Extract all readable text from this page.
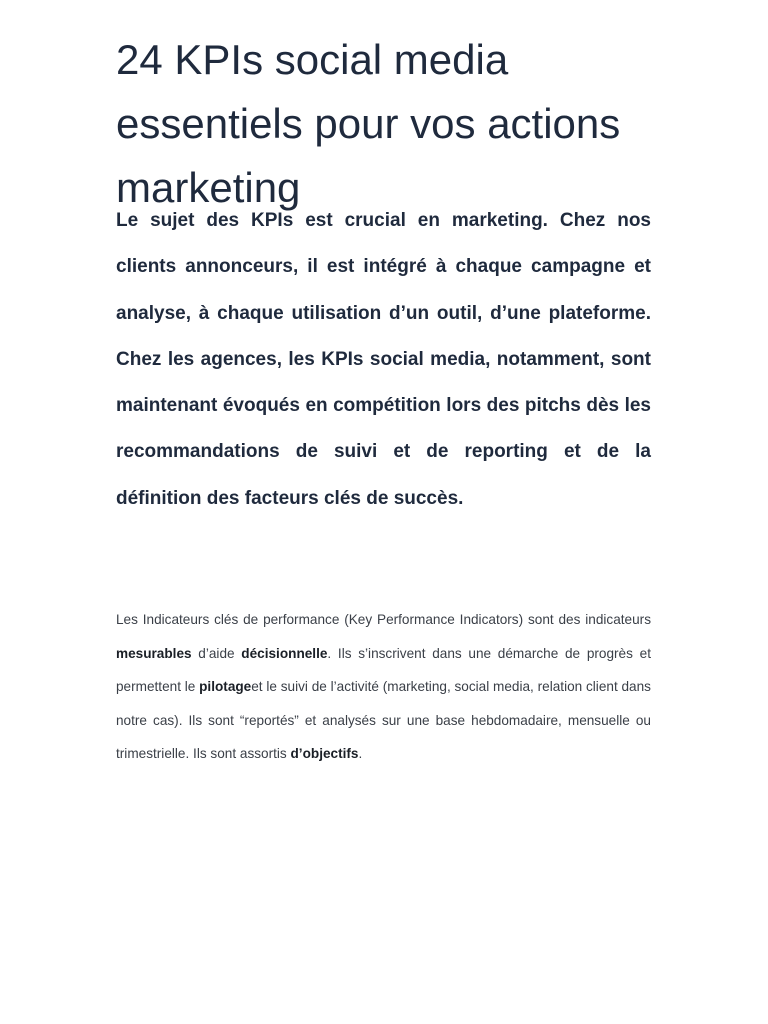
24 KPIs social media essentiels pour vos actions marketing

Le sujet des KPIs est crucial en marketing. Chez nos clients annonceurs, il est intégré à chaque campagne et analyse, à chaque utilisation d’un outil, d’une plateforme. Chez les agences, les KPIs social media, notamment, sont maintenant évoqués en compétition lors des pitchs dès les recommandations de suivi et de reporting et de la définition des facteurs clés de succès.

Les Indicateurs clés de performance (Key Performance Indicators) sont des indicateurs mesurables d’aide décisionnelle. Ils s’inscrivent dans une démarche de progrès et permettent le pilotageet le suivi de l’activité (marketing, social media, relation client dans notre cas). Ils sont “reportés” et analysés sur une base hebdomadaire, mensuelle ou trimestrielle. Ils sont assortis d’objectifs.
